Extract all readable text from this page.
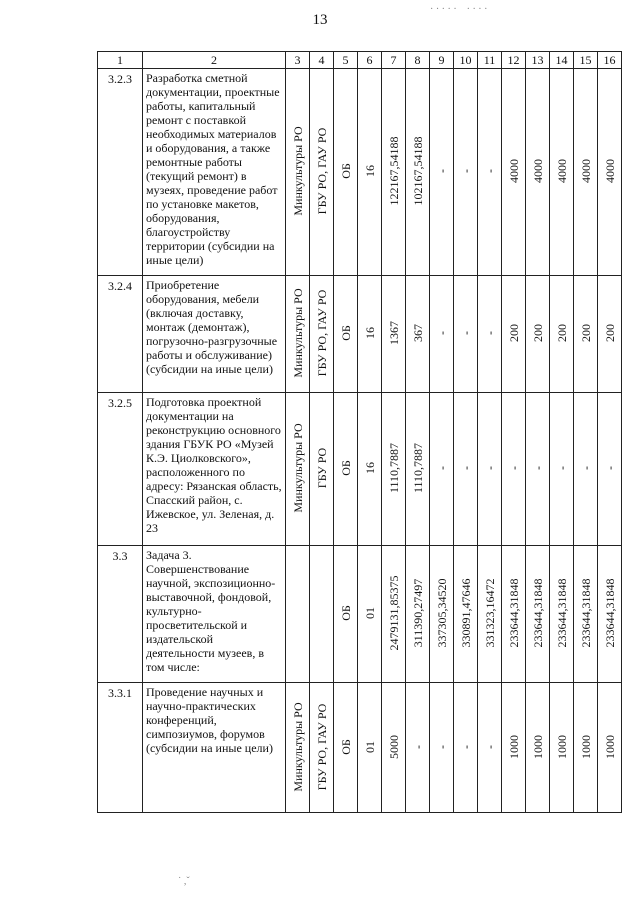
13
1	2	3	4	5	6	7	8	9	10	11	12	13	14	15	16
3.2.3	Разработка сметной документации, проектные работы, капитальный ремонт с поставкой необходимых материалов и оборудования, а также ремонтные работы (текущий ремонт) в музеях, проведение работ по установке макетов, оборудования, благоустройству территории (субсидии на иные цели)	Минкультуры РО	ГБУ РО, ГАУ РО	ОБ	16	122167,54188	102167,54188	-	-	-	4000	4000	4000	4000	4000

3.2.4	Приобретение оборудования, мебели (включая доставку, монтаж (демонтаж), погрузочно-разгрузочные работы и обслуживание) (субсидии на иные цели)	Минкультуры РО	ГБУ РО, ГАУ РО	ОБ	16	1367	367	-	-	-	200	200	200	200	200

3.2.5	Подготовка проектной документации на реконструкцию основного здания ГБУК РО «Музей К.Э. Циолковского», расположенного по адресу: Рязанская область, Спасский район, с. Ижевское, ул. Зеленая, д. 23	Минкультуры РО	ГБУ РО	ОБ	16	1110,7887	1110,7887	-	-	-	-	-	-	-	-

3.3	Задача 3. Совершенствование научной, экспозиционно-выставочной, фондовой, культурно-просветительской и издательской деятельности музеев, в том числе:			ОБ	01	2479131,85375	311390,27497	337305,34520	330891,47646	331323,16472	233644,31848	233644,31848	233644,31848	233644,31848	233644,31848

3.3.1	Проведение научных и научно-практических конференций, симпозиумов, форумов (субсидии на иные цели)	Минкультуры РО	ГБУ РО, ГАУ РО	ОБ	01	5000	-	-	-	-	1000	1000	1000	1000	1000
· · · · ·    · · · ·
˙ ,ˇ
